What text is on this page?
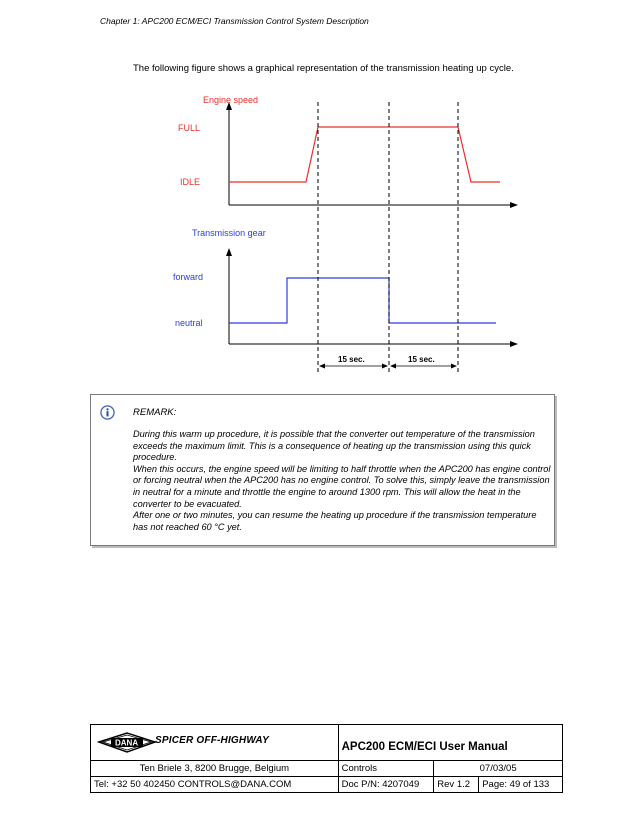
Chapter 1: APC200 ECM/ECI Transmission Control System Description
The following figure shows a graphical representation of the transmission heating up cycle.
Engine speed
FULL
IDLE
Transmission gear
forward
neutral
15 sec.	15 sec.
REMARK:

During this warm up procedure, it is possible that the converter out temperature of the transmission exceeds the maximum limit. This is a consequence of heating up the transmission using this quick procedure.

When this occurs, the engine speed will be limiting to half throttle when the APC200 has engine control or forcing neutral when the APC200 has no engine control. To solve this, simply leave the transmission in neutral for a minute and throttle the engine to around 1300 rpm. This will allow the heat in the converter to be evacuated.

After one or two minutes, you can resume the heating up procedure if the transmission temperature has not reached 60 °C yet.

DANA SPICER OFF-HIGHWAY	APC200 ECM/ECI User Manual		
Ten Briele 3, 8200 Brugge, Belgium	Controls	07/03/05	
Tel: +32 50 402450 CONTROLS@DANA.COM	Doc P/N: 4207049	Rev 1.2	Page: 49 of 133
